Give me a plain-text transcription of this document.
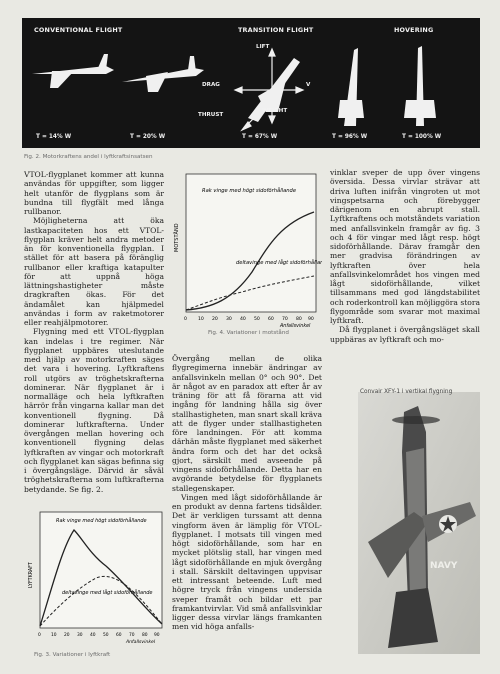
CONVENTIONAL FLIGHT	TRANSITION FLIGHT	HOVERING
LIFT
DRAG	V
THRUST
WEIGHT
T = 14% W	T = 20% W	T = 67% W	T = 96% W	T = 100% W
Fig. 2. Motorkraftens andel i lyftkraftsinsatsen

VTOL-flygplanet kommer att kunna användas för uppgifter, som ligger helt utanför de flygplans som är bundna till flygfält med långa rullbanor.

Möjligheterna att öka lastkapaciteten hos ett VTOL-flygplan kräver helt andra metoder än för konventionella flygplan. I stället för att basera på föränglig rullbanor eller kraftiga katapulter för att uppnå höga lättningshastigheter måste dragkraften ökas. För det ändamålet kan hjälpmedel användas i form av raketmotorer eller reahjälpmotorer.

Flygning med ett VTOL-flygplan kan indelas i tre regimer. När flygplanet uppbäres uteslutande med hjälp av motorkraften säges det vara i hovering. Lyftkraftens roll utgörs av tröghetskrafterna dominerar. När flygplanet är i normalläge och hela lyftkraften härrör från vingarna kallar man det konventionell flygning. Då dominerar luftkrafterna. Under övergången mellan hovering och konventionell flygning delas lyftkraften av vingar och motorkraft och flygplanet kan sägas befinna sig i övergångsläge. Därvid är såväl tröghetskrafterna som luftkrafterna betydande. Se fig. 2.

Rak vinge med högt sidoförhållande
deltavinge med lågt sidoförhållande
MOTSTÅND
0 10 20 30 40 50 60 70 80 90
Anfallsvinkel
Fig. 4. Variationer i motstånd

Övergång mellan de olika flygregimerna innebär ändringar av anfallsvinkeln mellan 0° och 90°. Det är något av en paradox att efter år av träning för att få förarna att vid ingång för landning hålla sig över stallhastigheten, man snart skall kräva att de flyger under stallhastigheten före landningen. För att komma därhän måste flygplanet med säkerhet ändra form och det har det också gjort, särskilt med avseende på vingens sidoförhållande. Detta har en avgörande betydelse för flygplanets stallegenskaper.

Vingen med lågt sidoförhållande är en produkt av denna fartens tidsålder. Det är verkligen turssamt att denna vingform även är lämplig för VTOL-flygplanet. I motsats till vingen med högt sidoförhållande, som har en mycket plötslig stall, har vingen med lågt sidoförhållande en mjuk övergång i stall. Särskilt deltavingen uppvisar ett intressant beteende. Luft med högre tryck från vingens undersida sveper framåt och bildar ett par framkantvirvlar. Vid små anfallsvinklar ligger dessa virvlar längs framkanten men vid höga anfalls-

Rak vinge med högt sidoförhållande
deltavinge med lågt sidoförhållande
LYFTKRAFT
0 10 20 30 40 50 60 70 80 90
Anfallsvinkel
Fig. 3. Variationer i lyftkraft

vinklar sveper de upp över vingens översida. Dessa virvlar strävar att driva luften inifrån vingroten ut mot vingspetsarna och förebygger därigenom en abrupt stall. Lyftkraftens och motståndets variation med anfallsvinkeln framgår av fig. 3 och 4 för vingar med lågt resp. högt sidoförhållande. Därav framgår den mer gradvisa förändringen av lyftkraften över hela anfallsvinkelområdet hos vingen med lågt sidoförhållande, vilket tillsammans med god längdstabilitet och roderkontroll kan möjliggöra stora flygområde som svarar mot maximal lyftkraft.

Då flygplanet i övergångsläget skall uppbäras av lyftkraft och mo-

Convair XFY-1 i vertikal flygning
NAVY
